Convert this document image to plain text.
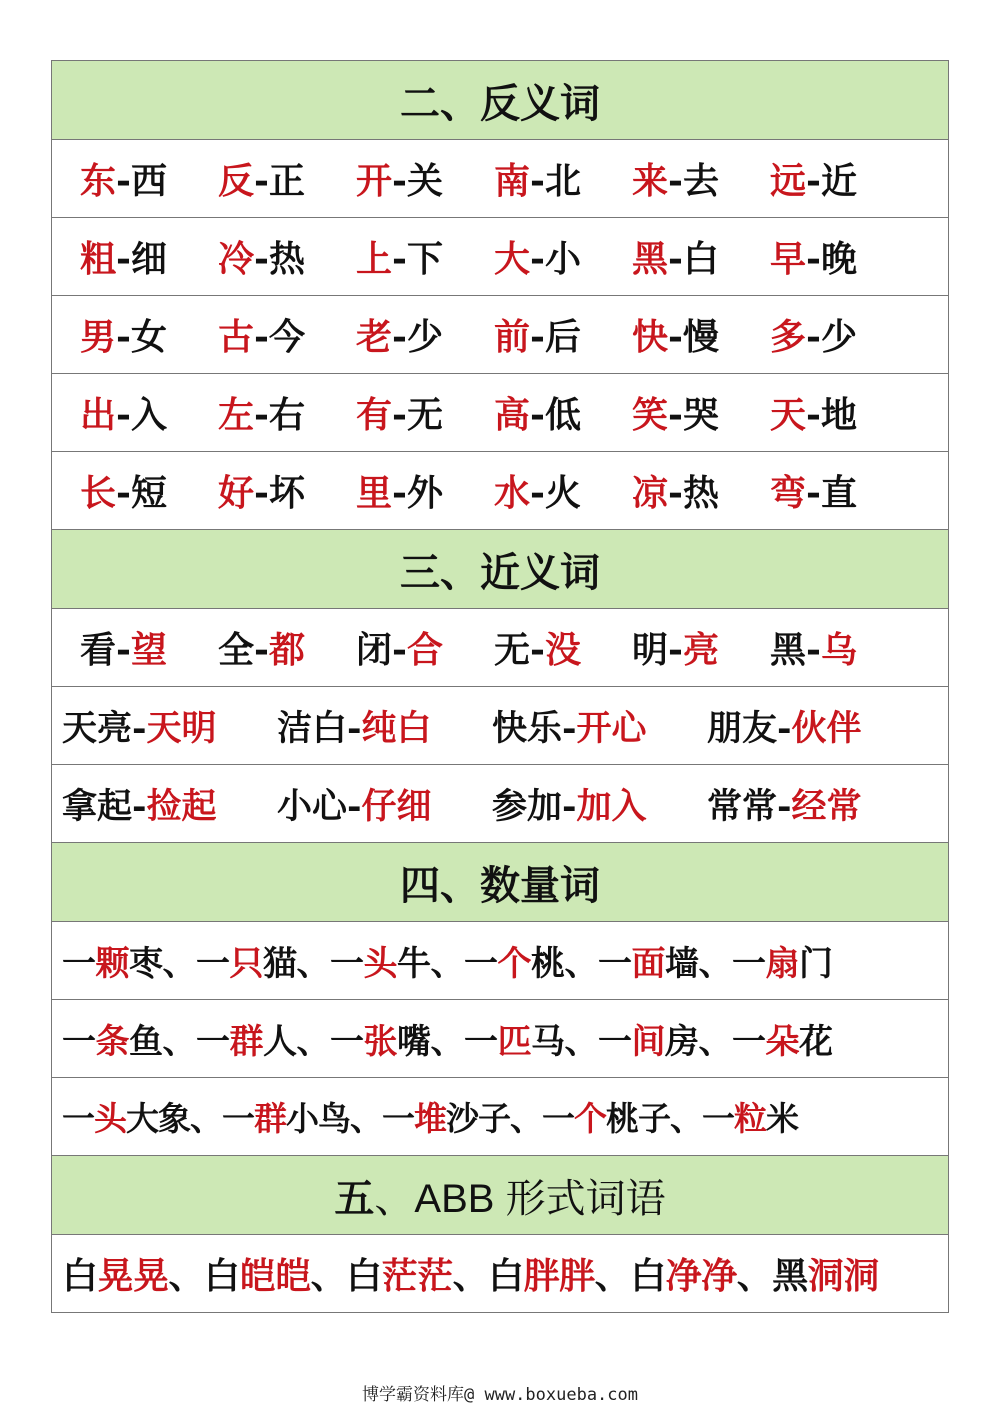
二、反义词
东-西	反-正	开-关	南-北	来-去	远-近
粗-细	冷-热	上-下	大-小	黑-白	早-晚
男-女	古-今	老-少	前-后	快-慢	多-少
出-入	左-右	有-无	高-低	笑-哭	天-地
长-短	好-坏	里-外	水-火	凉-热	弯-直
三、近义词
看-望	全-都	闭-合	无-没	明-亮	黑-乌
天亮-天明	洁白-纯白	快乐-开心	朋友-伙伴
拿起-捡起	小心-仔细	参加-加入	常常-经常
四、数量词
一 颗 枣 、 一 只 猫 、 一 头 牛 、 一 个 桃 、 一 面 墙 、 一 扇 门
一 条 鱼 、 一 群 人 、 一 张 嘴 、 一 匹 马 、 一 间 房 、 一 朵 花
一 头 大象 、 一 群 小鸟 、 一 堆 沙子 、 一 个 桃子 、 一 粒 米
五 、ABB 形式词语
白 晃晃 、 白 皑皑 、 白 茫茫 、 白 胖胖 、 白 净净 、 黑 洞洞
博学霸资料库@ www.boxueba.com
